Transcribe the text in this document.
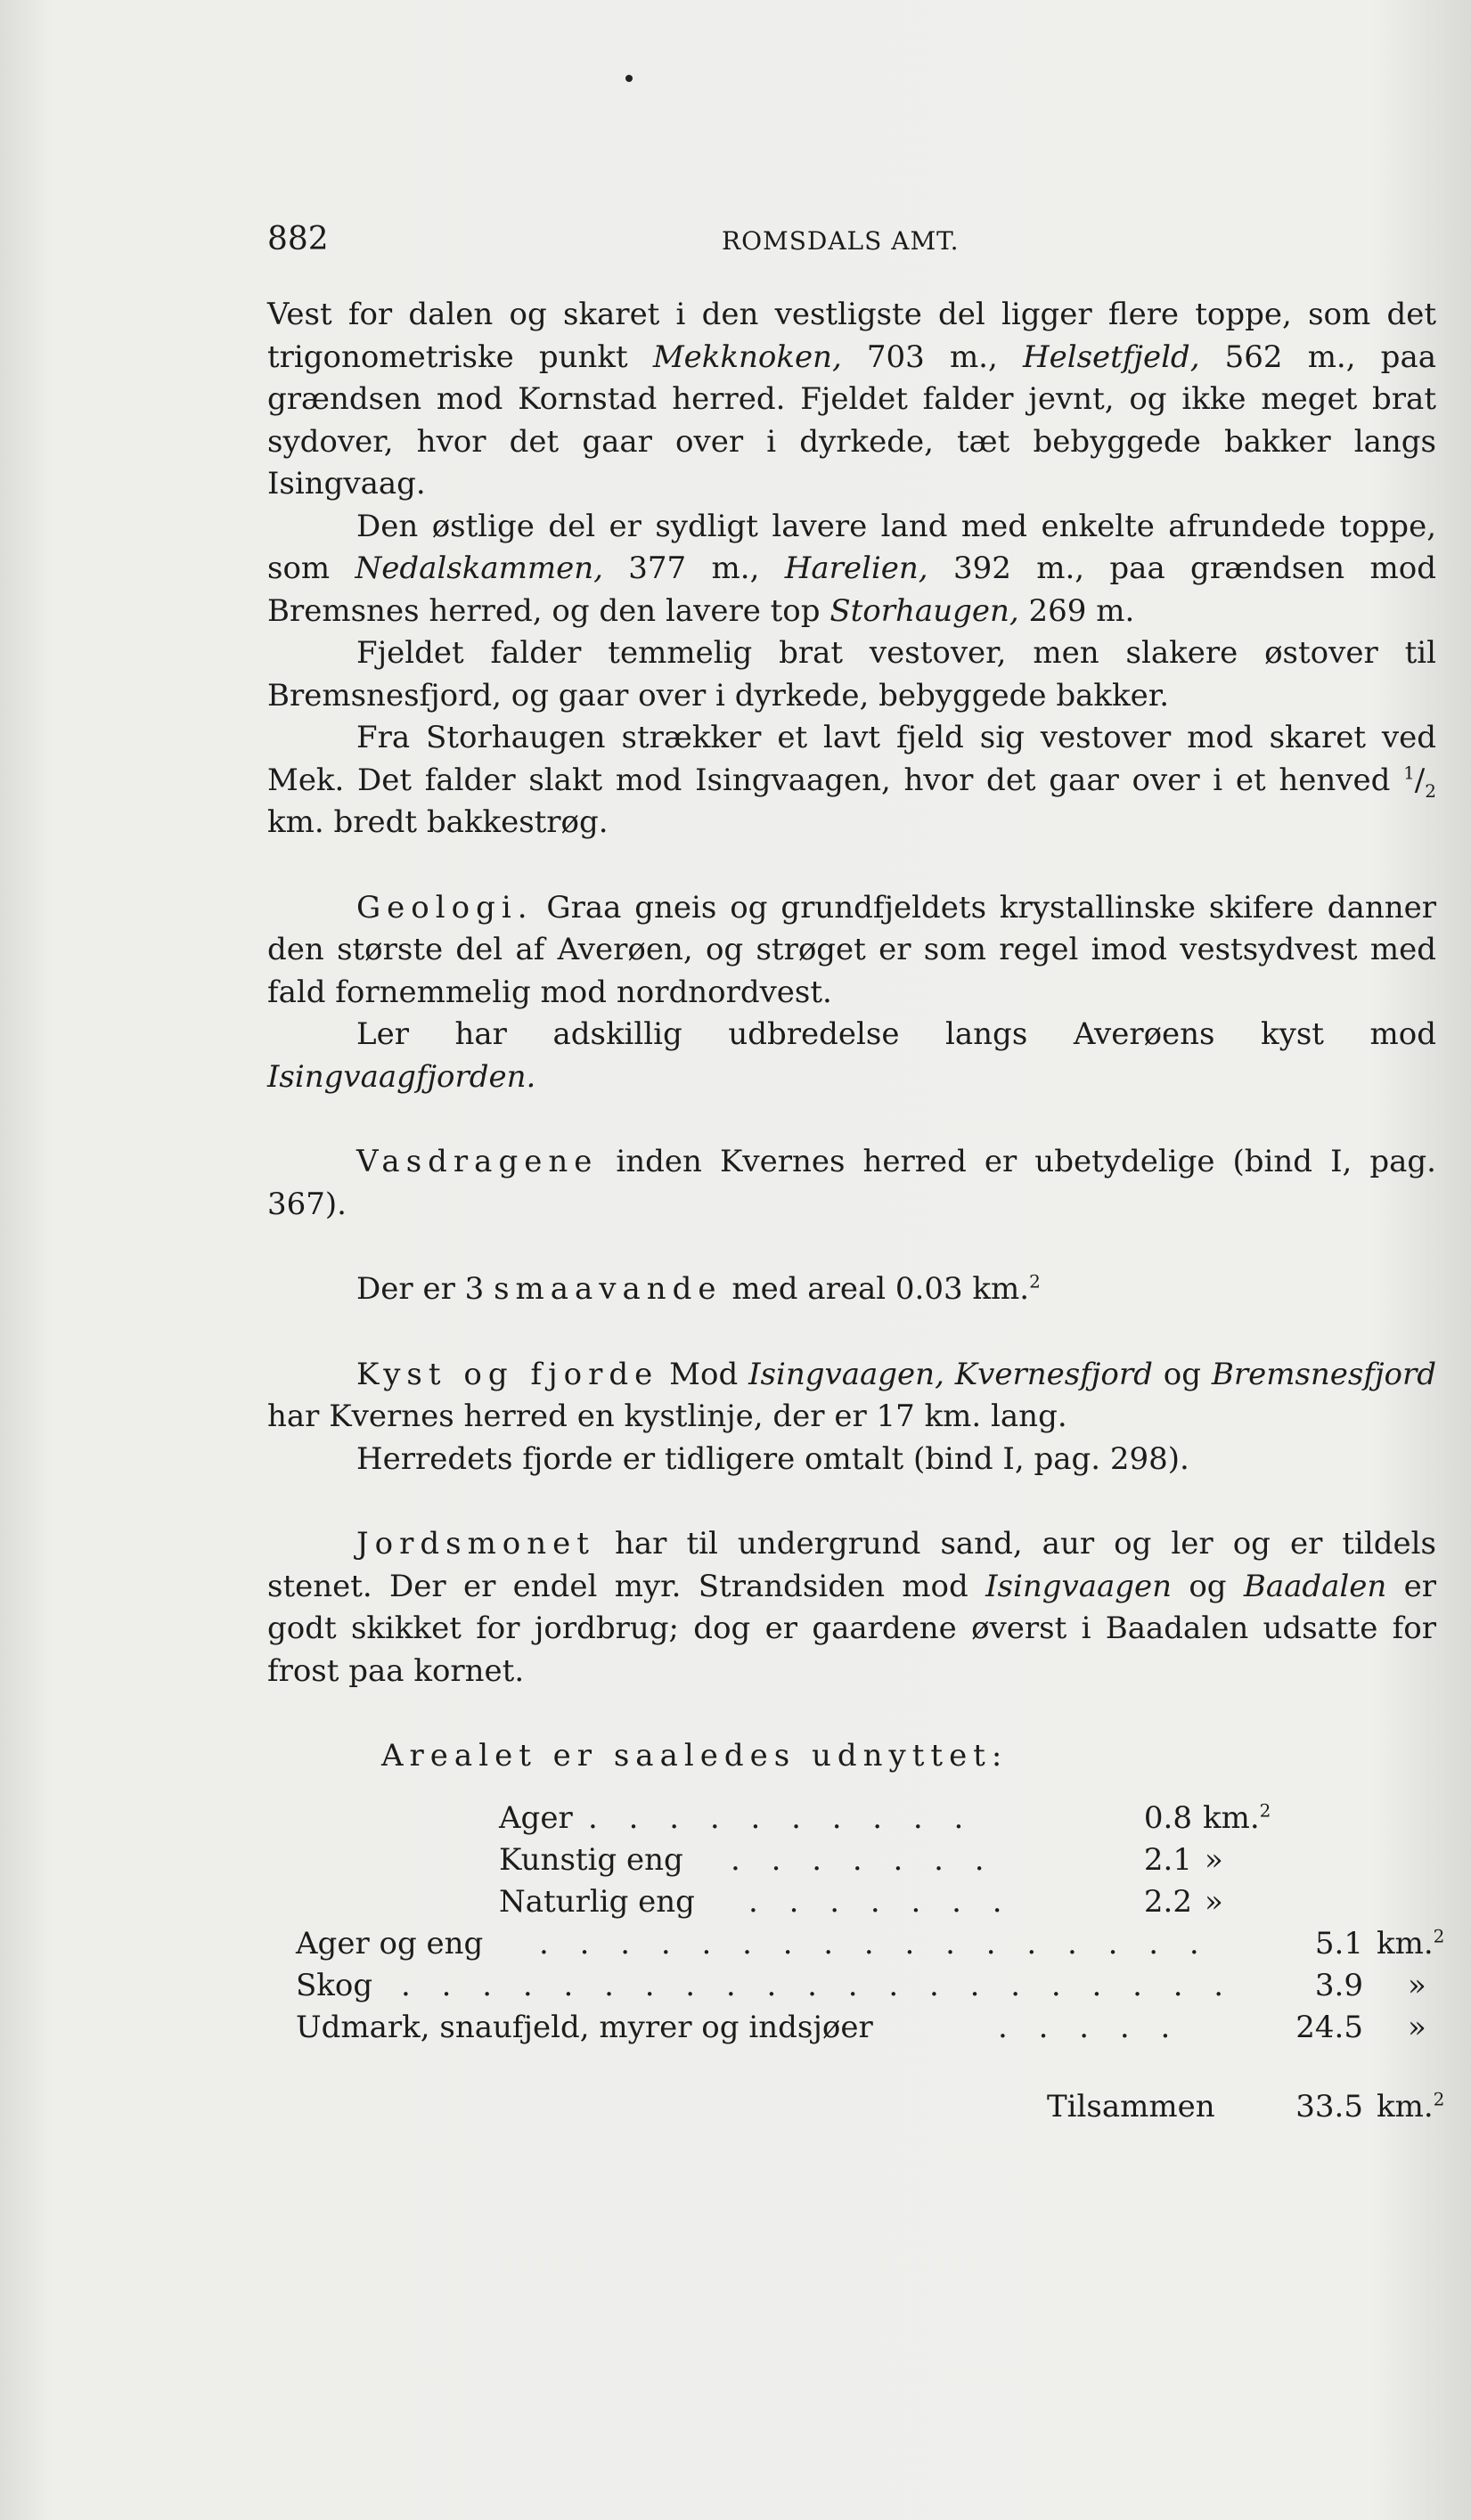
882	ROMSDALS AMT.

Vest for dalen og skaret i den vestligste del ligger flere toppe, som det trigonometriske punkt Mekknoken, 703 m., Helsetfjeld, 562 m., paa grændsen mod Kornstad herred. Fjeldet falder jevnt, og ikke meget brat sydover, hvor det gaar over i dyrkede, tæt bebyggede bakker langs Isingvaag.

Den østlige del er sydligt lavere land med enkelte afrundede toppe, som Nedalskammen, 377 m., Harelien, 392 m., paa grændsen mod Bremsnes herred, og den lavere top Storhaugen, 269 m.

Fjeldet falder temmelig brat vestover, men slakere østover til Bremsnesfjord, og gaar over i dyrkede, bebyggede bakker.

Fra Storhaugen strækker et lavt fjeld sig vestover mod skaret ved Mek. Det falder slakt mod Isingvaagen, hvor det gaar over i et henved $^1/_2$ km. bredt bakkestrøg.

Geologi. Graa gneis og grundfjeldets krystallinske skifere danner den største del af Averøen, og strøget er som regel imod vestsydvest med fald fornemmelig mod nordnordvest.

Ler har adskillig udbredelse langs Averøens kyst mod Isingvaagfjorden.

Vasdragene inden Kvernes herred er ubetydelige (bind I, pag. 367).

Der er 3 smaavande med areal 0.03 km.$^2$

Kyst og fjorde Mod Isingvaagen, Kvernesfjord og Bremsnesfjord har Kvernes herred en kystlinje, der er 17 km. lang.

Herredets fjorde er tidligere omtalt (bind I, pag. 298).

Jordsmonet har til undergrund sand, aur og ler og er tildels stenet. Der er endel myr. Strandsiden mod Isingvaagen og Baadalen er godt skikket for jordbrug; dog er gaardene øverst i Baadalen udsatte for frost paa kornet.

Arealet er saaledes udnyttet:

Ager . . . . . . . . . .	0.8 km.$^2$
Kunstig eng . . . . . . .	2.1 »
Naturlig eng . . . . . . .	2.2 »
Ager og eng . . . . . . . . . . . . . . . . .	5.1 km.$^2$
Skog . . . . . . . . . . . . . . . . . . . . .	3.9 »
Udmark, snaufjeld, myrer og indsjøer	. . . . .	24.5 »
Tilsammen	33.5 km.$^2$
